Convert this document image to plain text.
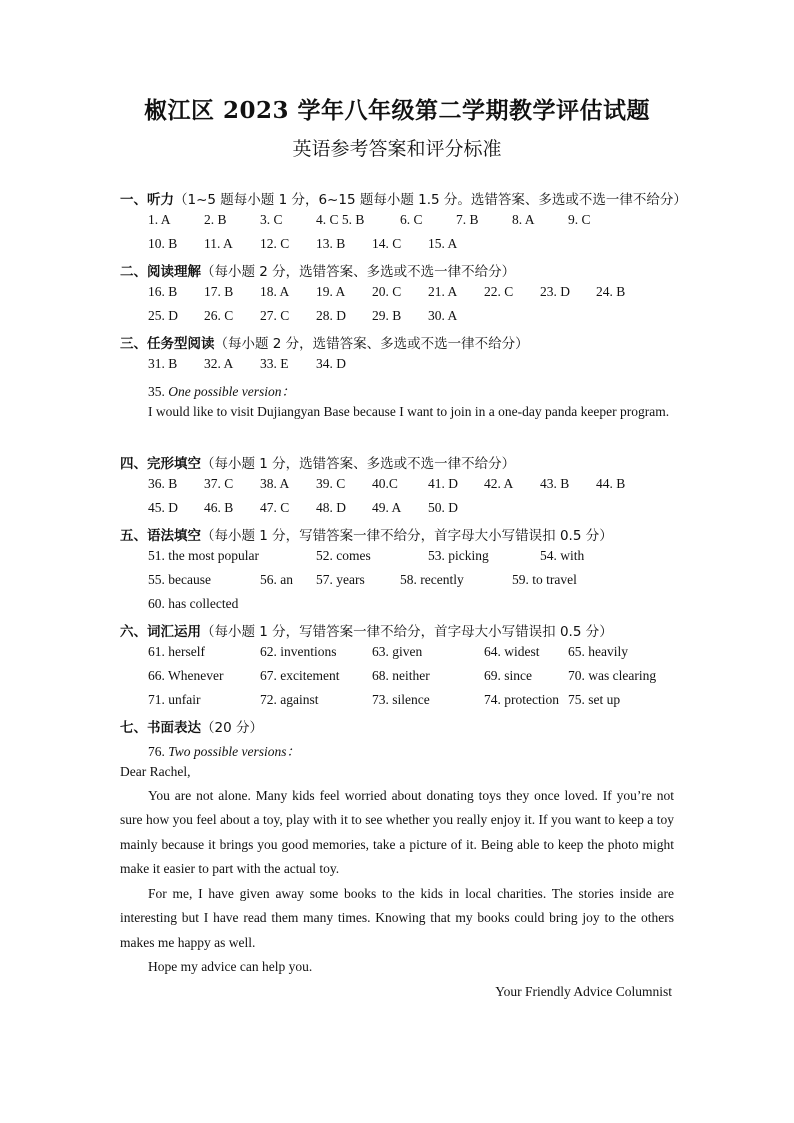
椒江区 2023 学年八年级第二学期教学评估试题
英语参考答案和评分标准
一、听力（1~5 题每小题 1 分，6~15 题每小题 1.5 分。选错答案、多选或不选一律不给分）
1. A 2. B 3. C 4. C 5. B	6. C 7. B 8. A 9. C
10. B 11. A 12. C 13. B 14. C 15. A
二、阅读理解（每小题 2 分，选错答案、多选或不选一律不给分）
16. B 17. B 18. A 19. A 20. C 21. A 22. C 23. D 24. B
25. D 26. C 27. C 28. D 29. B 30. A
三、任务型阅读（每小题 2 分，选错答案、多选或不选一律不给分）
31. B 32. A 33. E 34. D
35. One possible version：
I would like to visit Dujiangyan Base because I want to join in a one-day panda keeper program.
四、完形填空（每小题 1 分，选错答案、多选或不选一律不给分）
36. B 37. C 38. A 39. C 40.C 41. D 42. A 43. B 44. B
45. D 46. B 47. C 48. D 49. A 50. D
五、语法填空（每小题 1 分，写错答案一律不给分，首字母大小写错误扣 0.5 分）
51. the most popular	52. comes	53. picking	54. with
55. because	56. an 57. years	58. recently	59. to travel
60. has collected
六、词汇运用（每小题 1 分，写错答案一律不给分，首字母大小写错误扣 0.5 分）
61. herself	62. inventions	63. given	64. widest 65. heavily
66. Whenever	67. excitement 68. neither	69. since	70. was clearing
71. unfair	72. against	73. silence	74. protection 75. set up
七、书面表达（20 分）
76. Two possible versions：
Dear Rachel,
You are not alone. Many kids feel worried about donating toys they once loved. If you’re not sure how you feel about a toy, play with it to see whether you really enjoy it. If you want to keep a toy mainly because it brings you good memories, take a picture of it. Being able to keep the photo might make it easier to part with the actual toy.
For me, I have given away some books to the kids in local charities. The stories inside are interesting but I have read them many times. Knowing that my books could bring joy to the others makes me happy as well.
Hope my advice can help you.
Your Friendly Advice Columnist
